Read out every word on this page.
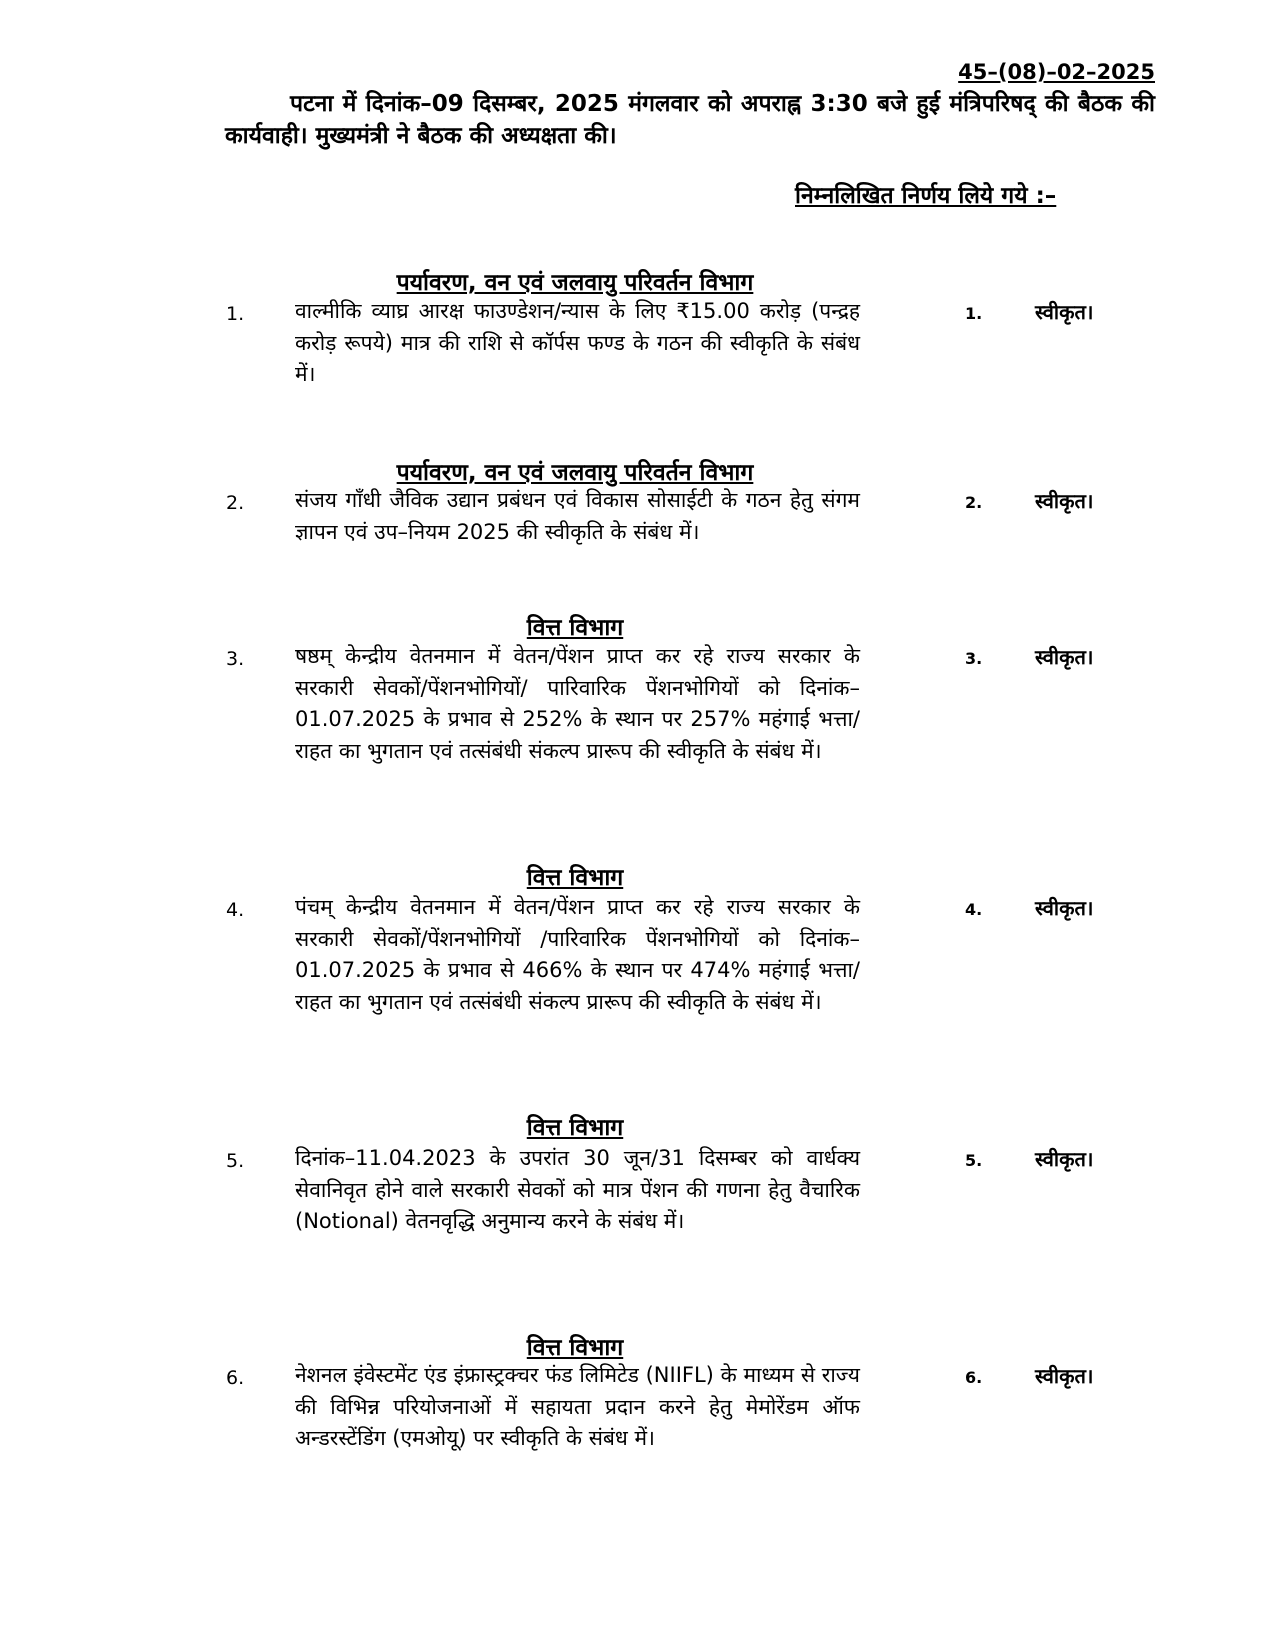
45–(08)–02–2025
पटना में दिनांक–09 दिसम्बर, 2025 मंगलवार को अपराह्न 3:30 बजे हुई मंत्रिपरिषद् की बैठक की कार्यवाही। मुख्यमंत्री ने बैठक की अध्यक्षता की।
निम्नलिखित निर्णय लिये गये :–
पर्यावरण, वन एवं जलवायु परिवर्तन विभाग
1. वाल्मीकि व्याघ्र आरक्ष फाउण्डेशन/न्यास के लिए ₹15.00 करोड़ (पन्द्रह करोड़ रूपये) मात्र की राशि से कॉर्पस फण्ड के गठन की स्वीकृति के संबंध में।
1.	स्वीकृत।
पर्यावरण, वन एवं जलवायु परिवर्तन विभाग
2. संजय गाँधी जैविक उद्यान प्रबंधन एवं विकास सोसाईटी के गठन हेतु संगम ज्ञापन एवं उप–नियम 2025 की स्वीकृति के संबंध में।
2.	स्वीकृत।
वित्त विभाग
3. षष्ठम् केन्द्रीय वेतनमान में वेतन/पेंशन प्राप्त कर रहे राज्य सरकार के सरकारी सेवकों/पेंशनभोगियों/ पारिवारिक पेंशनभोगियों को दिनांक–01.07.2025 के प्रभाव से 252% के स्थान पर 257% महंगाई भत्ता/राहत का भुगतान एवं तत्संबंधी संकल्प प्रारूप की स्वीकृति के संबंध में।
3.	स्वीकृत।
वित्त विभाग
4. पंचम् केन्द्रीय वेतनमान में वेतन/पेंशन प्राप्त कर रहे राज्य सरकार के सरकारी सेवकों/पेंशनभोगियों /पारिवारिक पेंशनभोगियों को दिनांक–01.07.2025 के प्रभाव से 466% के स्थान पर 474% महंगाई भत्ता/ राहत का भुगतान एवं तत्संबंधी संकल्प प्रारूप की स्वीकृति के संबंध में।
4.	स्वीकृत।
वित्त विभाग
5. दिनांक–11.04.2023 के उपरांत 30 जून/31 दिसम्बर को वार्धक्य सेवानिवृत होने वाले सरकारी सेवकों को मात्र पेंशन की गणना हेतु वैचारिक (Notional) वेतनवृद्धि अनुमान्य करने के संबंध में।
5.	स्वीकृत।
वित्त विभाग
6. नेशनल इंवेस्टमेंट एंड इंफ्रास्ट्रक्चर फंड लिमिटेड (NIIFL) के माध्यम से राज्य की विभिन्न परियोजनाओं में सहायता प्रदान करने हेतु मेमोरेंडम ऑफ अन्डरस्टेंडिंग (एमओयू) पर स्वीकृति के संबंध में।
6.	स्वीकृत।
